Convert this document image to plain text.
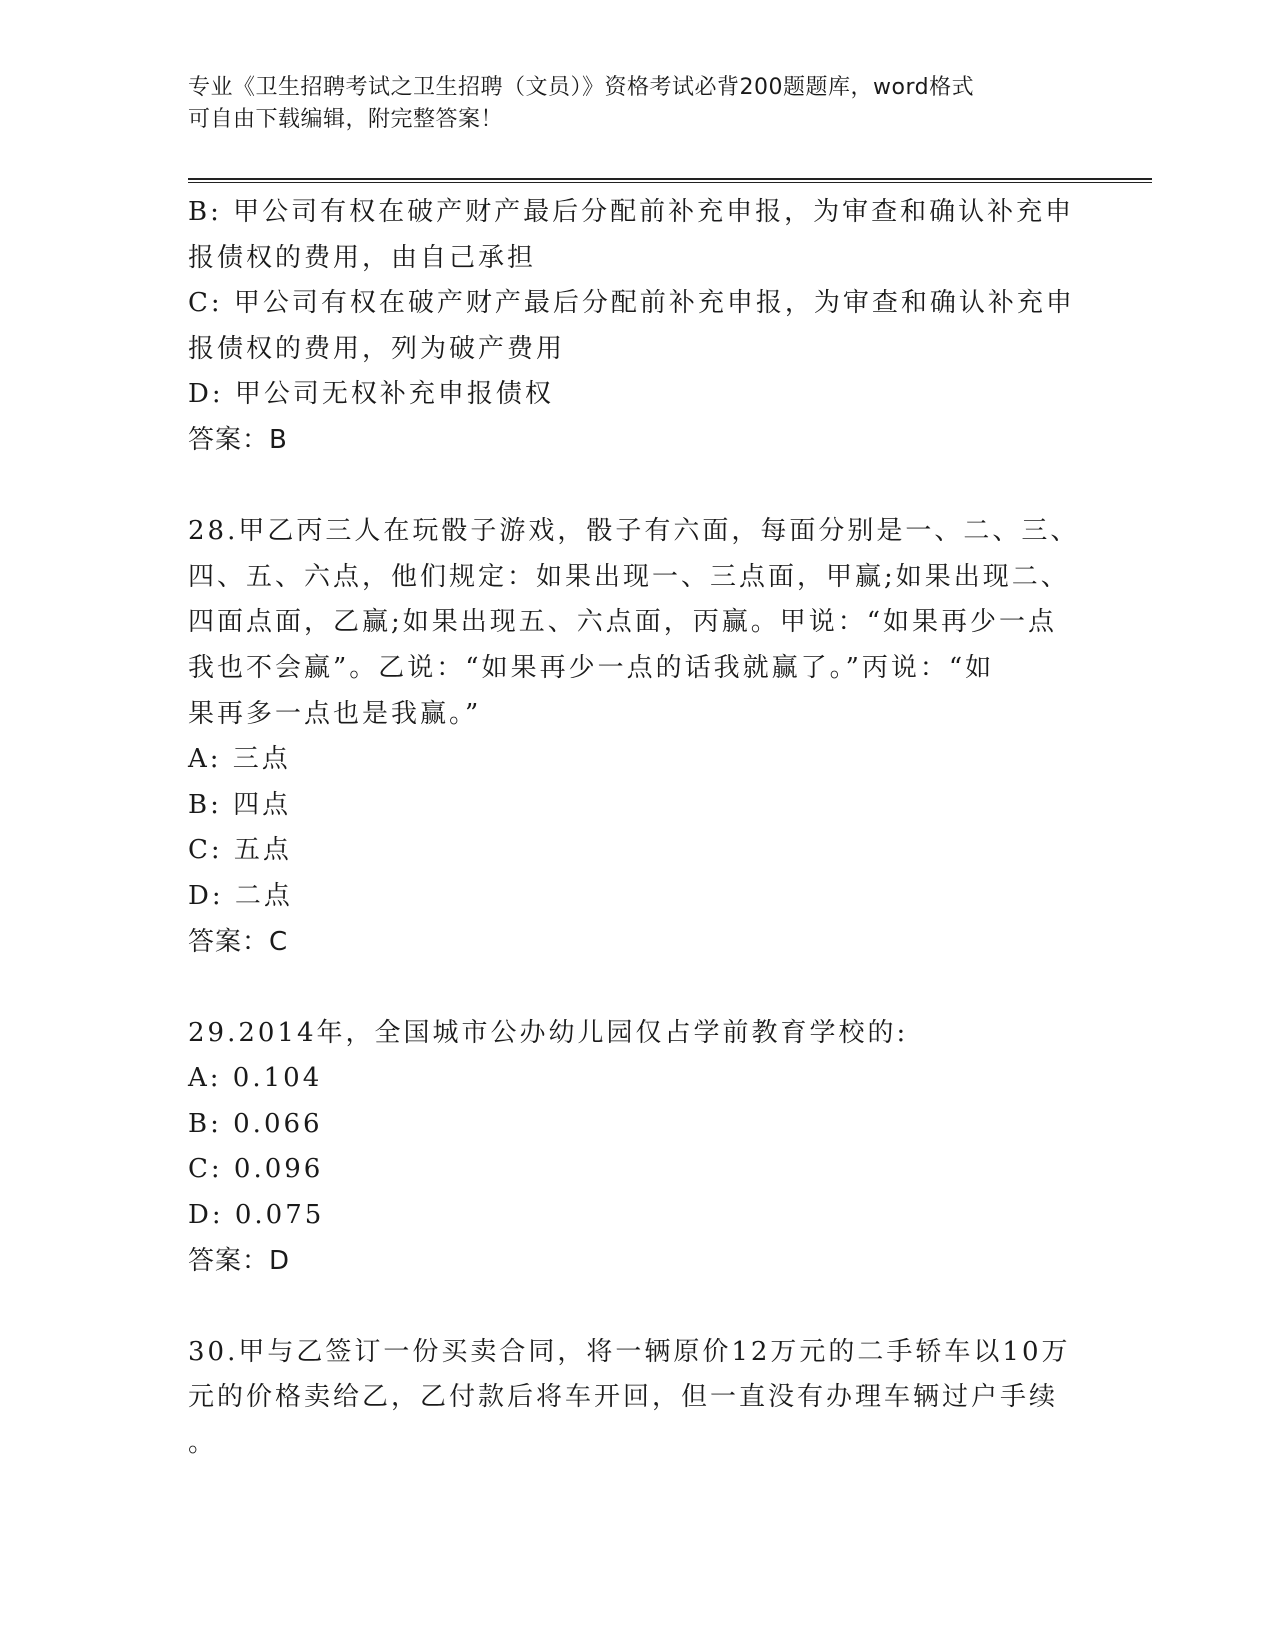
专业《卫生招聘考试之卫生招聘（文员）》资格考试必背200题题库，word格式
可自由下载编辑，附完整答案！
B: 甲公司有权在破产财产最后分配前补充申报，为审查和确认补充申
报债权的费用，由自己承担
C: 甲公司有权在破产财产最后分配前补充申报，为审查和确认补充申
报债权的费用，列为破产费用
D: 甲公司无权补充申报债权
答案：B
28.甲乙丙三人在玩骰子游戏，骰子有六面，每面分别是一、二、三、
四、五、六点，他们规定：如果出现一、三点面，甲赢;如果出现二、
四面点面，乙赢;如果出现五、六点面，丙赢。甲说：“如果再少一点
我也不会赢”。乙说：“如果再少一点的话我就赢了。”丙说：“如
果再多一点也是我赢。”
A: 三点
B: 四点
C: 五点
D: 二点
答案：C
29.2014年，全国城市公办幼儿园仅占学前教育学校的:
A: 0.104
B: 0.066
C: 0.096
D: 0.075
答案：D
30.甲与乙签订一份买卖合同，将一辆原价12万元的二手轿车以10万
元的价格卖给乙，乙付款后将车开回，但一直没有办理车辆过户手续
。
